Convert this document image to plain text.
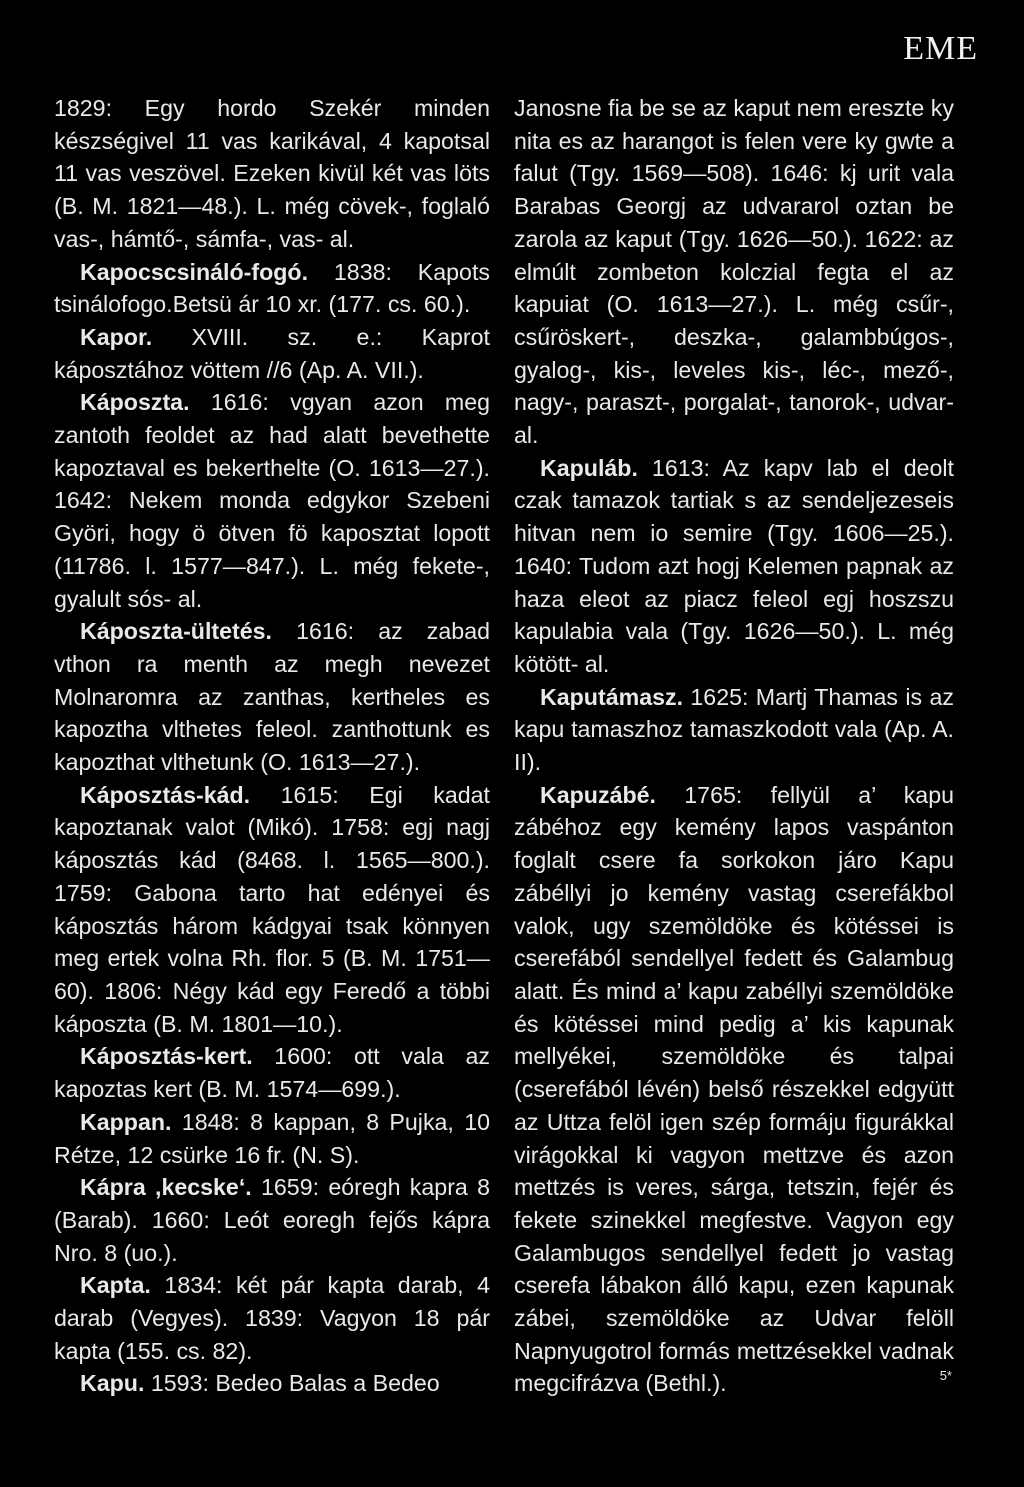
EME

1829: Egy hordo Szekér minden készségivel 11 vas karikával, 4 kapotsal 11 vas veszövel. Ezeken kivül két vas löts (B. M. 1821—48.). L. még cövek-, foglaló vas-, hámtő-, sámfa-, vas- al.

Kapocscsináló-fogó. 1838: Kapots tsinálofogo.Betsü ár 10 xr. (177. cs. 60.).

Kapor. XVIII. sz. e.: Kaprot káposztához vöttem //6 (Ap. A. VII.).

Káposzta. 1616: vgyan azon meg zantoth feoldet az had alatt bevethette kapoztaval es bekerthelte (O. 1613—27.). 1642: Nekem monda edgykor Szebeni Györi, hogy ö ötven fö kaposztat lopott (11786. l. 1577—847.). L. még fekete-, gyalult sós- al.

Káposzta-ültetés. 1616: az zabad vthon ra menth az megh nevezet Molnaromra az zanthas, kertheles es kapoztha vlthetes feleol. zanthottunk es kapozthat vlthetunk (O. 1613—27.).

Káposztás-kád. 1615: Egi kadat kapoztanak valot (Mikó). 1758: egj nagj káposztás kád (8468. l. 1565—800.). 1759: Gabona tarto hat edényei és káposztás három kádgyai tsak könnyen meg ertek volna Rh. flor. 5 (B. M. 1751—60). 1806: Négy kád egy Feredő a többi káposzta (B. M. 1801—10.).

Káposztás-kert. 1600: ott vala az kapoztas kert (B. M. 1574—699.).

Kappan. 1848: 8 kappan, 8 Pujka, 10 Rétze, 12 csürke 16 fr. (N. S).

Kápra ,kecske‘. 1659: eóregh kapra 8 (Barab). 1660: Leót eoregh fejős kápra Nro. 8 (uo.).

Kapta. 1834: két pár kapta darab, 4 darab (Vegyes). 1839: Vagyon 18 pár kapta (155. cs. 82).

Kapu. 1593: Bedeo Balas a Bedeo

Janosne fia be se az kaput nem ereszte ky nita es az harangot is felen vere ky gwte a falut (Tgy. 1569—508). 1646: kj urit vala Barabas Georgj az udvararol oztan be zarola az kaput (Tgy. 1626—50.). 1622: az elmúlt zombeton kolczial fegta el az kapuiat (O. 1613—27.). L. még csűr-, csűröskert-, deszka-, galambbúgos-, gyalog-, kis-, leveles kis-, léc-, mező-, nagy-, paraszt-, porgalat-, tanorok-, udvar- al.

Kapuláb. 1613: Az kapv lab el deolt czak tamazok tartiak s az sendeljezeseis hitvan nem io semire (Tgy. 1606—25.). 1640: Tudom azt hogj Kelemen papnak az haza eleot az piacz feleol egj hoszszu kapulabia vala (Tgy. 1626—50.). L. még kötött- al.

Kaputámasz. 1625: Martj Thamas is az kapu tamaszhoz tamaszkodott vala (Ap. A. II).

Kapuzábé. 1765: fellyül a’ kapu zábéhoz egy kemény lapos vaspánton foglalt csere fa sorkokon járo Kapu zábéllyi jo kemény vastag cserefákbol valok, ugy szemöldöke és kötéssei is cserefából sendellyel fedett és Galambug alatt. És mind a’ kapu zabéllyi szemöldöke és kötéssei mind pedig a’ kis kapunak mellyékei, szemöldöke és talpai (cserefából lévén) belső részekkel edgyütt az Uttza felöl igen szép formáju figurákkal virágokkal ki vagyon mettzve és azon mettzés is veres, sárga, tetszin, fejér és fekete szinekkel megfestve. Vagyon egy Galambugos sendellyel fedett jo vastag cserefa lábakon álló kapu, ezen kapunak zábei, szemöldöke az Udvar felöll Napnyugotrol formás mettzésekkel vadnak megcifrázva (Bethl.).	5*
